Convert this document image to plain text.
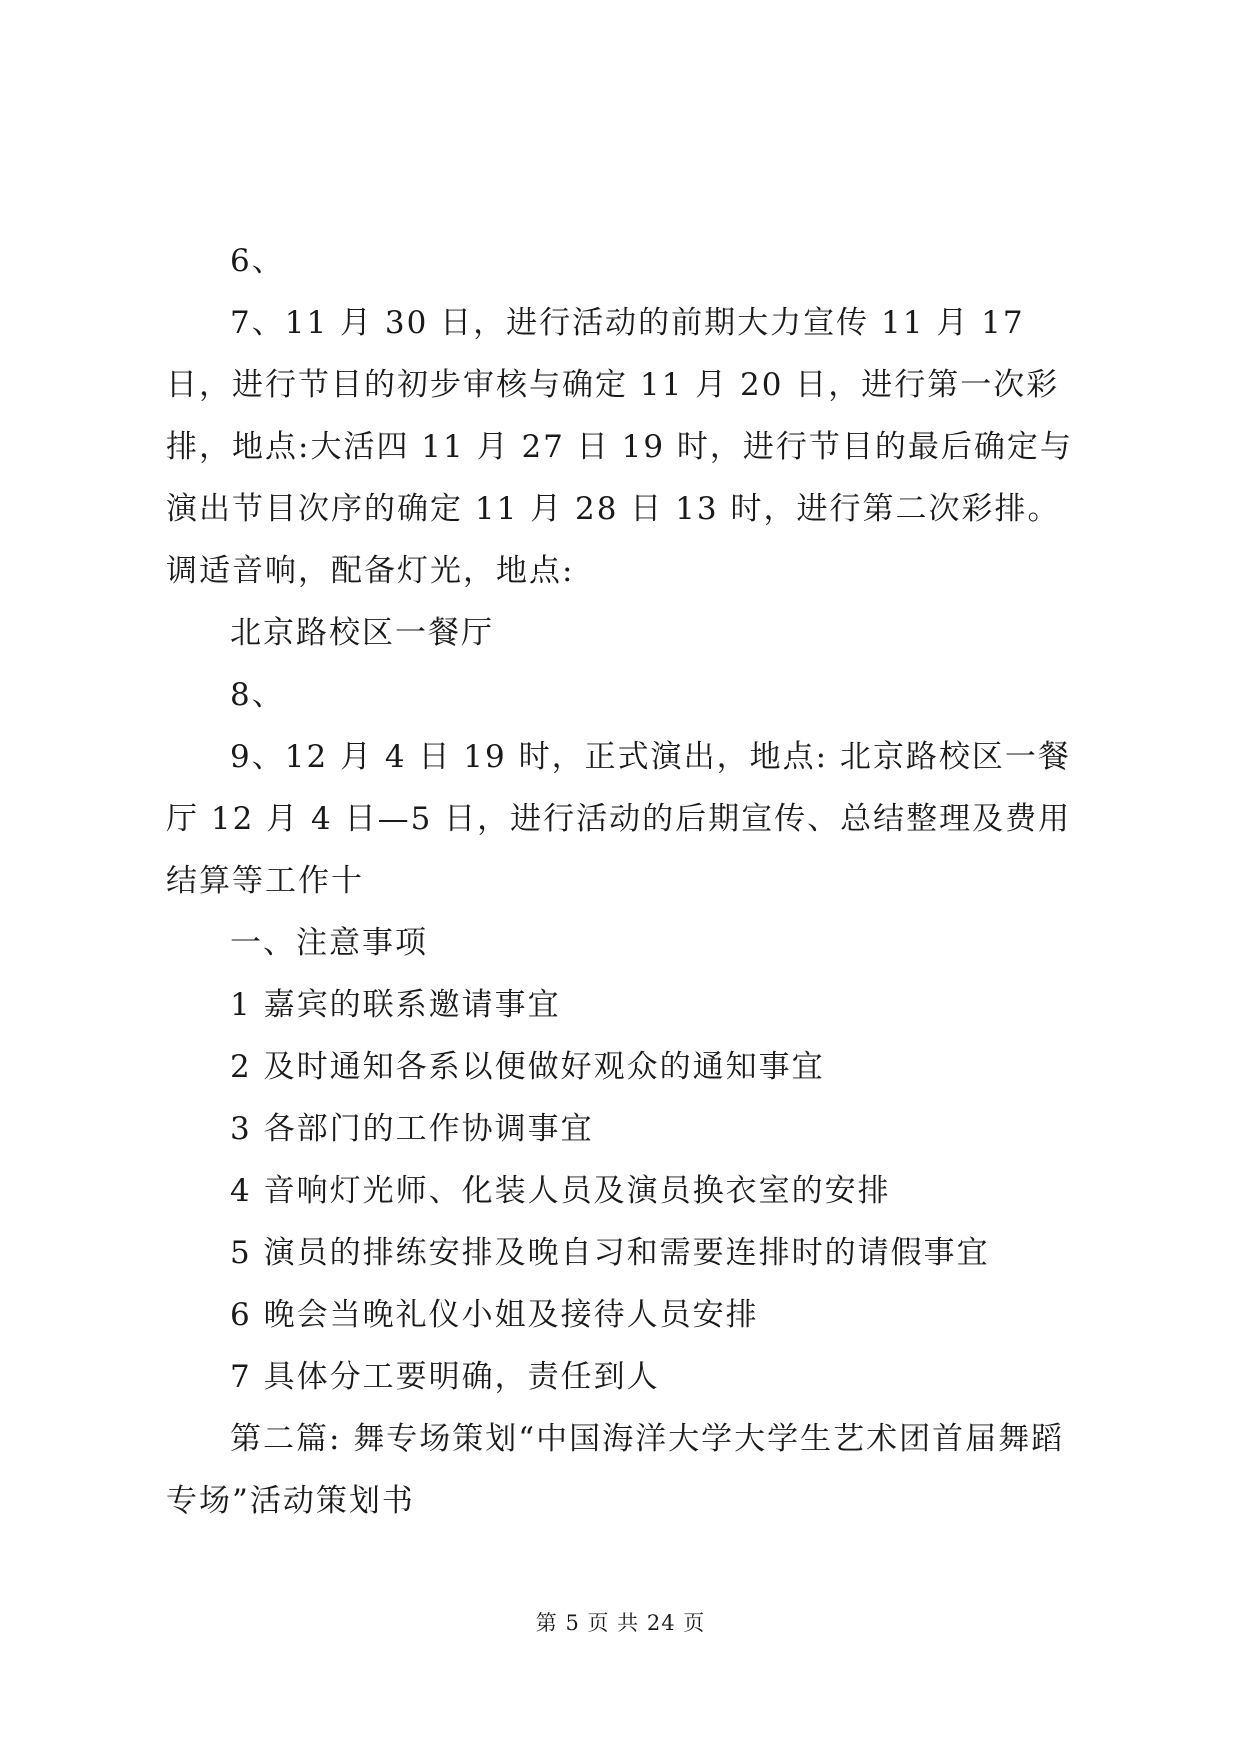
6、

7、11 月 30 日，进行活动的前期大力宣传 11 月 17 日，进行节目的初步审核与确定 11 月 20 日，进行第一次彩排，地点:大活四 11 月 27 日 19 时，进行节目的最后确定与演出节目次序的确定 11 月 28 日 13 时，进行第二次彩排。调适音响，配备灯光，地点:

北京路校区一餐厅

8、

9、12 月 4 日 19 时，正式演出，地点: 北京路校区一餐厅 12 月 4 日—5 日，进行活动的后期宣传、总结整理及费用结算等工作十

一、注意事项

1 嘉宾的联系邀请事宜

2 及时通知各系以便做好观众的通知事宜

3 各部门的工作协调事宜

4 音响灯光师、化装人员及演员换衣室的安排

5 演员的排练安排及晚自习和需要连排时的请假事宜

6 晚会当晚礼仪小姐及接待人员安排

7 具体分工要明确，责任到人

第二篇: 舞专场策划“中国海洋大学大学生艺术团首届舞蹈专场”活动策划书

第 5 页 共 24 页
